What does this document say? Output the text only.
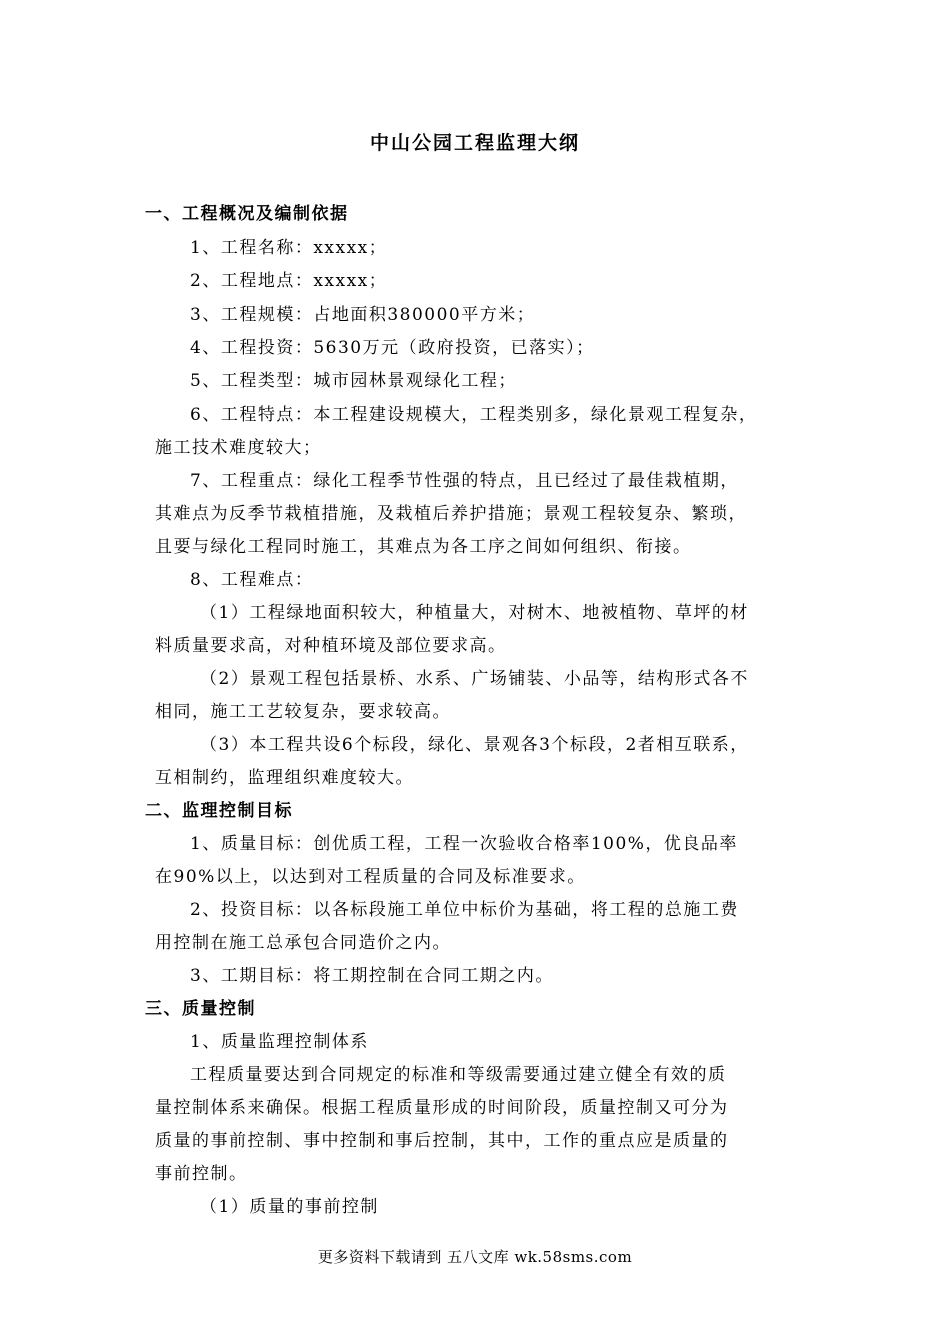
中山公园工程监理大纲
一、工程概况及编制依据
1、工程名称：xxxxx；
2、工程地点：xxxxx；
3、工程规模：占地面积380000平方米；
4、工程投资：5630万元（政府投资，已落实）；
5、工程类型：城市园林景观绿化工程；
6、工程特点：本工程建设规模大，工程类别多，绿化景观工程复杂，
施工技术难度较大；
7、工程重点：绿化工程季节性强的特点，且已经过了最佳栽植期，
其难点为反季节栽植措施，及栽植后养护措施；景观工程较复杂、繁琐，
且要与绿化工程同时施工，其难点为各工序之间如何组织、衔接。
8、工程难点：
（1）工程绿地面积较大，种植量大，对树木、地被植物、草坪的材
料质量要求高，对种植环境及部位要求高。
（2）景观工程包括景桥、水系、广场铺装、小品等，结构形式各不
相同，施工工艺较复杂，要求较高。
（3）本工程共设6个标段，绿化、景观各3个标段，2者相互联系，
互相制约，监理组织难度较大。
二、监理控制目标
1、质量目标：创优质工程，工程一次验收合格率100%，优良品率
在90%以上，以达到对工程质量的合同及标准要求。
2、投资目标：以各标段施工单位中标价为基础，将工程的总施工费
用控制在施工总承包合同造价之内。
3、工期目标：将工期控制在合同工期之内。
三、质量控制
1、质量监理控制体系
工程质量要达到合同规定的标准和等级需要通过建立健全有效的质
量控制体系来确保。根据工程质量形成的时间阶段，质量控制又可分为
质量的事前控制、事中控制和事后控制，其中，工作的重点应是质量的
事前控制。
（1）质量的事前控制
更多资料下载请到 五八文库 wk.58sms.com
